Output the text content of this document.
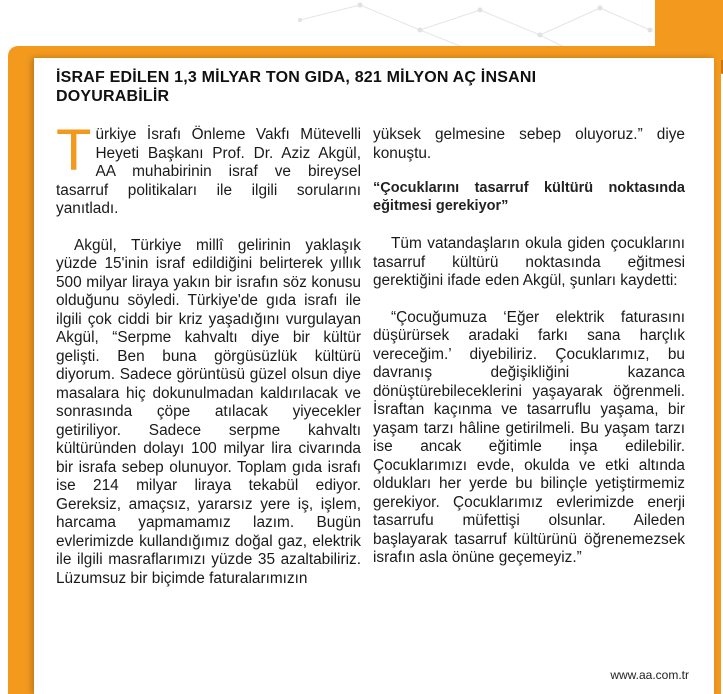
İSRAF EDİLEN 1,3 MİLYAR TON GIDA, 821 MİLYON AÇ İNSANI DOYURABİLİR

Türkiye İsrafı Önleme Vakfı Mütevelli Heyeti Başkanı Prof. Dr. Aziz Akgül, AA muhabirinin israf ve bireysel tasarruf politikaları ile ilgili sorularını yanıtladı.

Akgül, Türkiye millî gelirinin yaklaşık yüzde 15'inin israf edildiğini belirterek yıllık 500 milyar liraya yakın bir israfın söz konusu olduğunu söyledi. Türkiye'de gıda israfı ile ilgili çok ciddi bir kriz yaşadığını vurgulayan Akgül, “Serpme kahvaltı diye bir kültür gelişti. Ben buna görgüsüzlük kültürü diyorum. Sadece görüntüsü güzel olsun diye masalara hiç dokunulmadan kaldırılacak ve sonrasında çöpe atılacak yiyecekler getiriliyor. Sadece serpme kahvaltı kültüründen dolayı 100 milyar lira civarında bir israfa sebep olunuyor. Toplam gıda israfı ise 214 milyar liraya tekabül ediyor. Gereksiz, amaçsız, yararsız yere iş, işlem, harcama yapmamamız lazım. Bugün evlerimizde kullandığımız doğal gaz, elektrik ile ilgili masraflarımızı yüzde 35 azaltabiliriz. Lüzumsuz bir biçimde faturalarımızın

yüksek gelmesine sebep oluyoruz.” diye konuştu.

“Çocuklarını tasarruf kültürü noktasında eğitmesi gerekiyor”

Tüm vatandaşların okula giden çocuklarını tasarruf kültürü noktasında eğitmesi gerektiğini ifade eden Akgül, şunları kaydetti:

“Çocuğumuza ‘Eğer elektrik faturasını düşürürsek aradaki farkı sana harçlık vereceğim.’ diyebiliriz. Çocuklarımız, bu davranış değişikliğini kazanca dönüştürebileceklerini yaşayarak öğrenmeli. İsraftan kaçınma ve tasarruflu yaşama, bir yaşam tarzı hâline getirilmeli. Bu yaşam tarzı ise ancak eğitimle inşa edilebilir. Çocuklarımızı evde, okulda ve etki altında oldukları her yerde bu bilinçle yetiştirmemiz gerekiyor. Çocuklarımız evlerimizde enerji tasarrufu müfettişi olsunlar. Aileden başlayarak tasarruf kültürünü öğrenemezsek israfın asla önüne geçemeyiz.”

www.aa.com.tr
